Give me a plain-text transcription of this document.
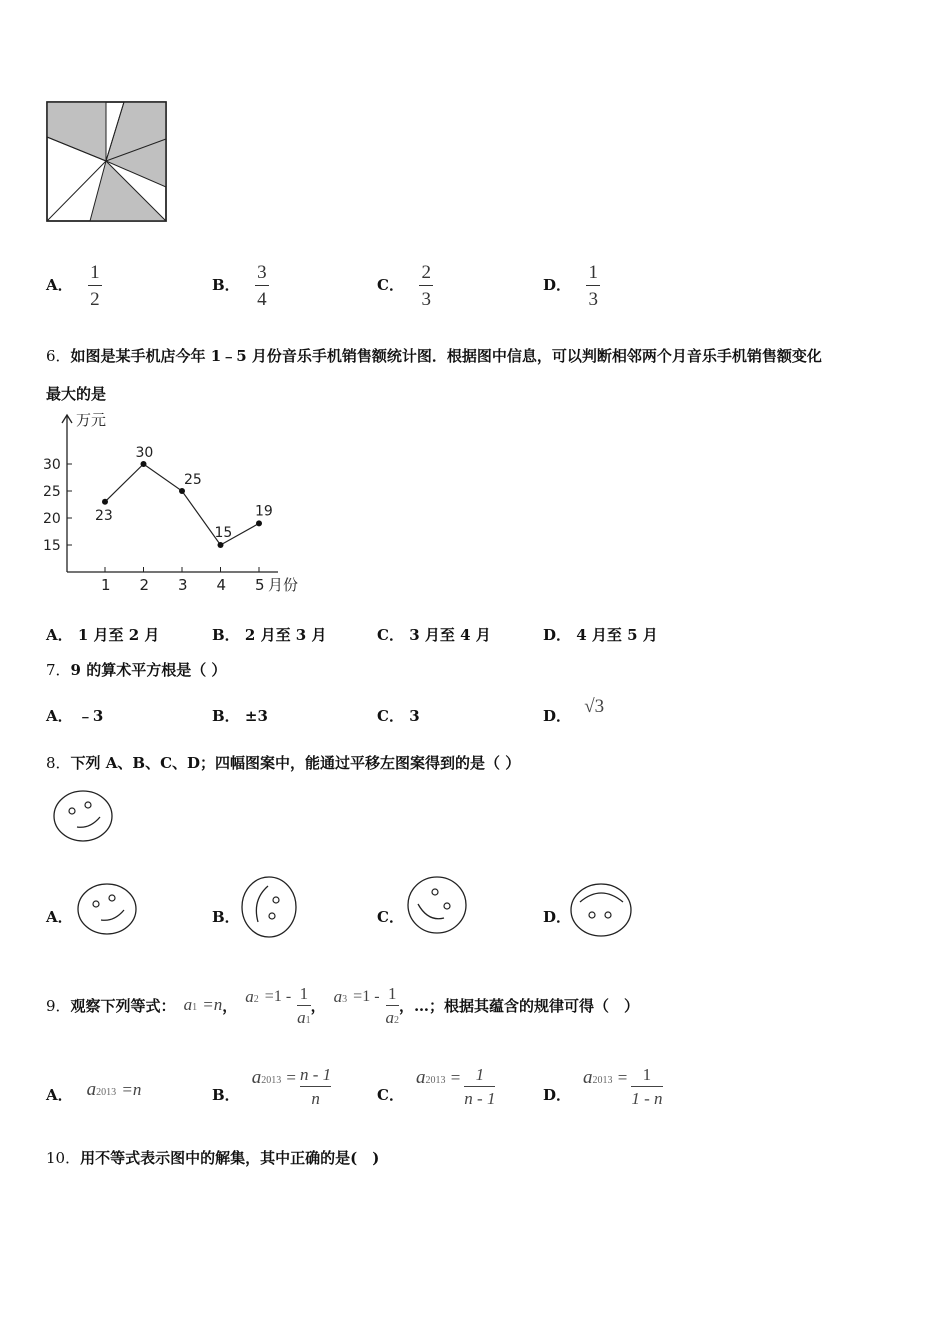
A． $\frac{1}{2}$	B． $\frac{3}{4}$	C． $\frac{2}{3}$	D． $\frac{1}{3}$
6．如图是某手机店今年 1﹣5 月份音乐手机销售额统计图．根据图中信息，可以判断相邻两个月音乐手机销售额变化
最大的是
万元
月份
15
20
25
30
1 2 3 4 5
23
30
25
15
19
A． 1 月至 2 月	B． 2 月至 3 月	C． 3 月至 4 月	D． 4 月至 5 月
7．9 的算术平方根是（ ）
A． ﹣3	B． ±3	C． 3	D． √3
8．下列 A、B、C、D；四幅图案中，能通过平移左图案得到的是（ ）
A．	B．	C．	D．
9． 观察下列等式： a1 =n ， a2 =1 - 1
a1
， a3 =1 - 1
a2
，…；根据其蕴含的规律可得（　）
A． a2013 =n	B．
a2013 = n - 1
n	C．
a2013 = 1
n - 1	D．
a2013 = 1
1 - n
10．用不等式表示图中的解集，其中正确的是(　)
